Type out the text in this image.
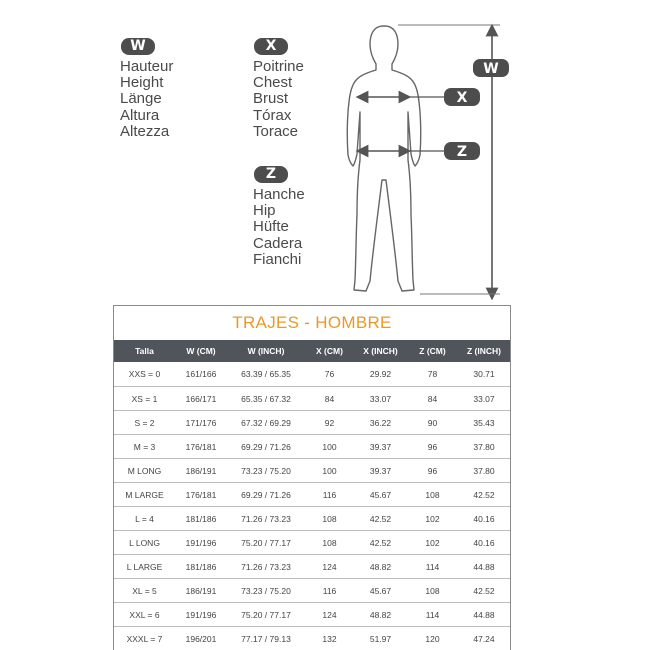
W
Hauteur
Height
Länge
Altura
Altezza
X
Poitrine
Chest
Brust
Tórax
Torace
Z
Hanche
Hip
Hüfte
Cadera
Fianchi
W
X
Z
TRAJES - HOMBRE
Talla	W (CM)	W (INCH)	X (CM)	X (INCH)	Z (CM)	Z (INCH)
XXS = 0	161/166	63.39 / 65.35	76	29.92	78	30.71
XS = 1	166/171	65.35 / 67.32	84	33.07	84	33.07
S = 2	171/176	67.32 / 69.29	92	36.22	90	35.43
M = 3	176/181	69.29 / 71.26	100	39.37	96	37.80
M LONG	186/191	73.23 / 75.20	100	39.37	96	37.80
M LARGE	176/181	69.29 / 71.26	116	45.67	108	42.52
L = 4	181/186	71.26 / 73.23	108	42.52	102	40.16
L LONG	191/196	75.20 / 77.17	108	42.52	102	40.16
L LARGE	181/186	71.26 / 73.23	124	48.82	114	44.88
XL = 5	186/191	73.23 / 75.20	116	45.67	108	42.52
XXL = 6	191/196	75.20 / 77.17	124	48.82	114	44.88
XXXL = 7	196/201	77.17 / 79.13	132	51.97	120	47.24
